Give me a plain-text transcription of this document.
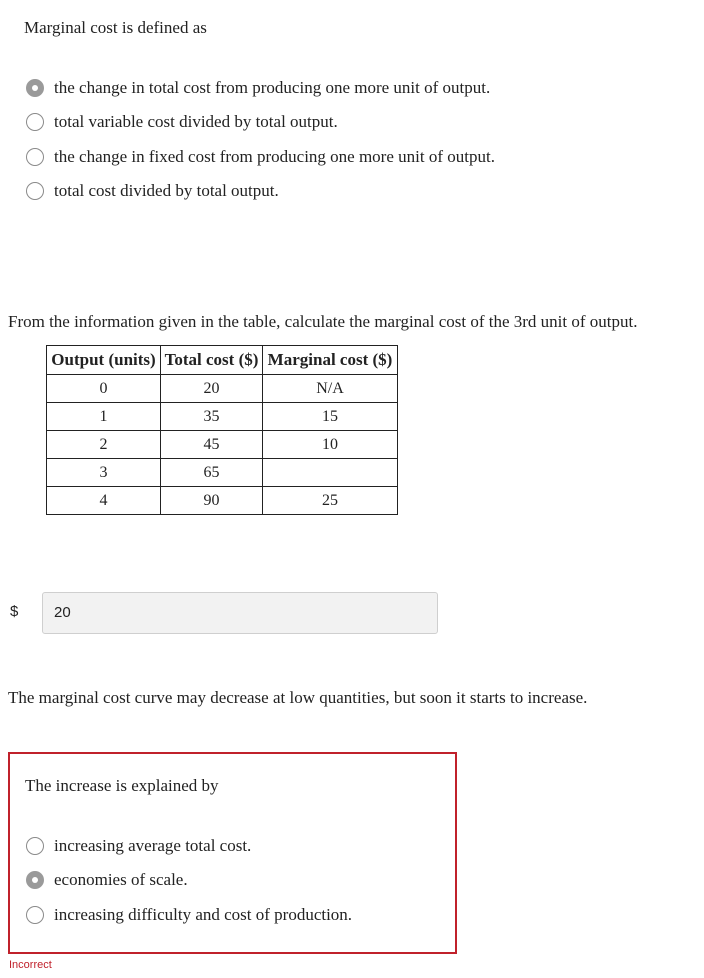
Marginal cost is defined as
the change in total cost from producing one more unit of output.
total variable cost divided by total output.
the change in fixed cost from producing one more unit of output.
total cost divided by total output.
From the information given in the table, calculate the marginal cost of the 3rd unit of output.
Output (units)	Total cost ($)	Marginal cost ($)
0	20	N/A
1	35	15
2	45	10
3	65	
4	90	25
$	20
The marginal cost curve may decrease at low quantities, but soon it starts to increase.
The increase is explained by
increasing average total cost.
economies of scale.
increasing difficulty and cost of production.
Incorrect
